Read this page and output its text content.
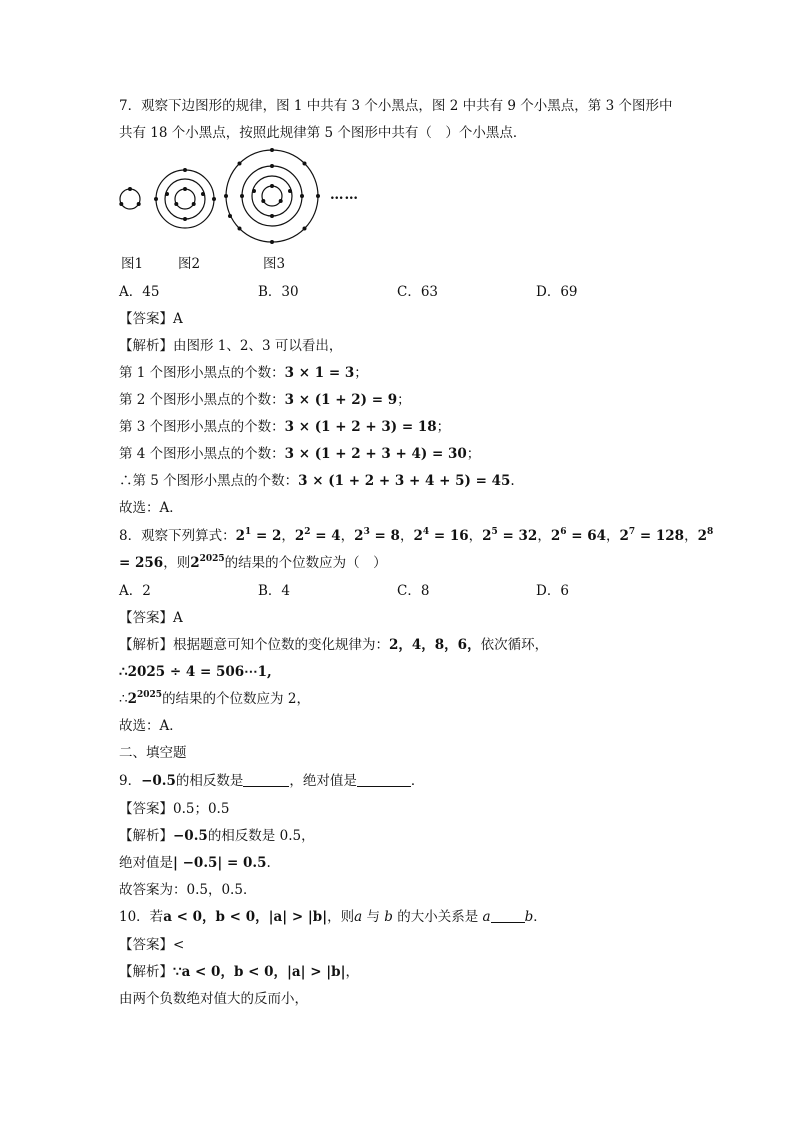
7．观察下边图形的规律，图 1 中共有 3 个小黑点，图 2 中共有 9 个小黑点，第 3 个图形中
共有 18 个小黑点，按照此规律第 5 个图形中共有（　）个小黑点．
……
图1	图2	图3
A．45	B．30	C．63	D．69
【答案】A
【解析】由图形 1、2、3 可以看出，
第 1 个图形小黑点的个数：3 × 1 = 3；
第 2 个图形小黑点的个数：3 × (1 + 2) = 9；
第 3 个图形小黑点的个数：3 × (1 + 2 + 3) = 18；
第 4 个图形小黑点的个数：3 × (1 + 2 + 3 + 4) = 30；
∴第 5 个图形小黑点的个数：3 × (1 + 2 + 3 + 4 + 5) = 45.
故选：A．
8．观察下列算式：$2^1 = 2$，$2^2 = 4$，$2^3 = 8$，$2^4 = 16$，$2^5 = 32$，$2^6 = 64$，$2^7 = 128$，$2^8$
= 256，则$2^{2025}$的结果的个位数应为（　）
A．2	B．4	C．8	D．6
【答案】A
【解析】根据题意可知个位数的变化规律为：2，4，8，6，依次循环，
∴2025 ÷ 4 = 506⋯1,
$\therefore 2^{2025}$的结果的个位数应为 2，
故选：A．
二、填空题
9．−0.5的相反数是	，绝对值是	．
【答案】0.5；0.5
【解析】−0.5的相反数是 0.5，
绝对值是| −0.5| = 0.5.
故答案为：0.5，0.5．
10．若a < 0，b < 0，|a| > |b|，则a 与 b 的大小关系是 a	b．
【答案】<
【解析】∵a < 0，b < 0，|a| > |b|，
由两个负数绝对值大的反而小，
